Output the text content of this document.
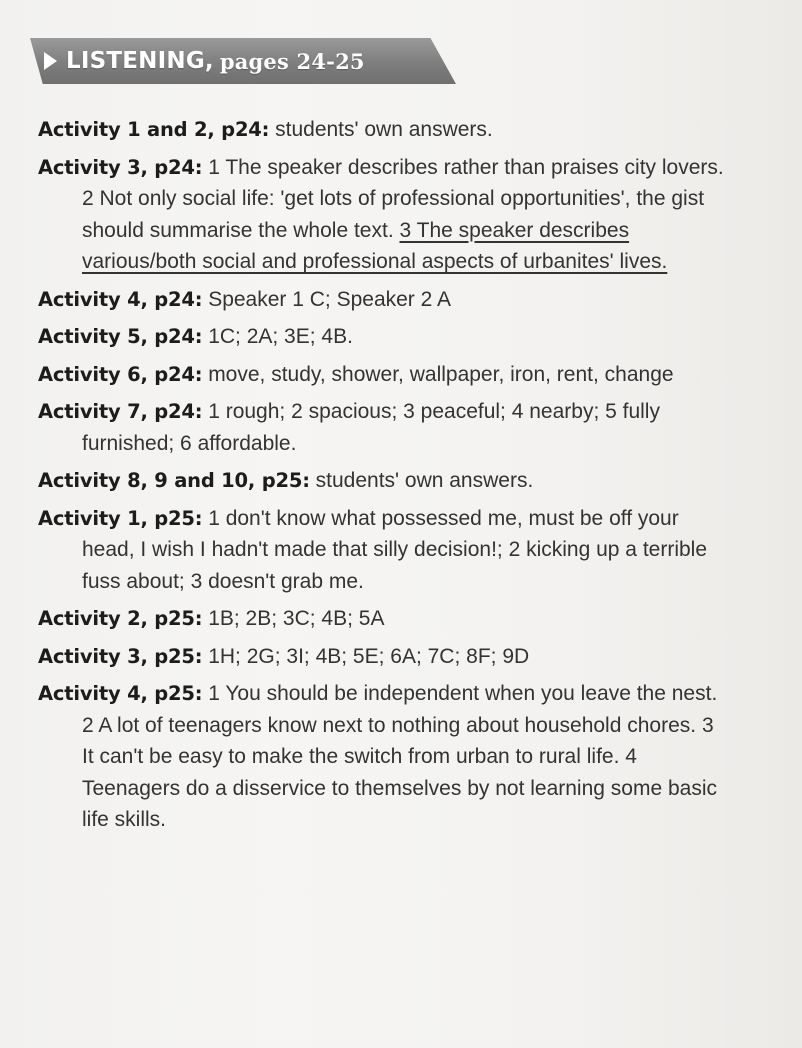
LISTENING, pages 24-25

Activity 1 and 2, p24: students' own answers.

Activity 3, p24: 1 The speaker describes rather than praises city lovers. 2 Not only social life: 'get lots of professional opportunities', the gist should summarise the whole text. 3 The speaker describes various/both social and professional aspects of urbanites' lives.

Activity 4, p24: Speaker 1 C; Speaker 2 A

Activity 5, p24: 1C; 2A; 3E; 4B.

Activity 6, p24: move, study, shower, wallpaper, iron, rent, change

Activity 7, p24: 1 rough; 2 spacious; 3 peaceful; 4 nearby; 5 fully furnished; 6 affordable.

Activity 8, 9 and 10, p25: students' own answers.

Activity 1, p25: 1 don't know what possessed me, must be off your head, I wish I hadn't made that silly decision!; 2 kicking up a terrible fuss about; 3 doesn't grab me.

Activity 2, p25: 1B; 2B; 3C; 4B; 5A

Activity 3, p25: 1H; 2G; 3I; 4B; 5E; 6A; 7C; 8F; 9D

Activity 4, p25: 1 You should be independent when you leave the nest. 2 A lot of teenagers know next to nothing about household chores. 3 It can't be easy to make the switch from urban to rural life. 4 Teenagers do a disservice to themselves by not learning some basic life skills.
